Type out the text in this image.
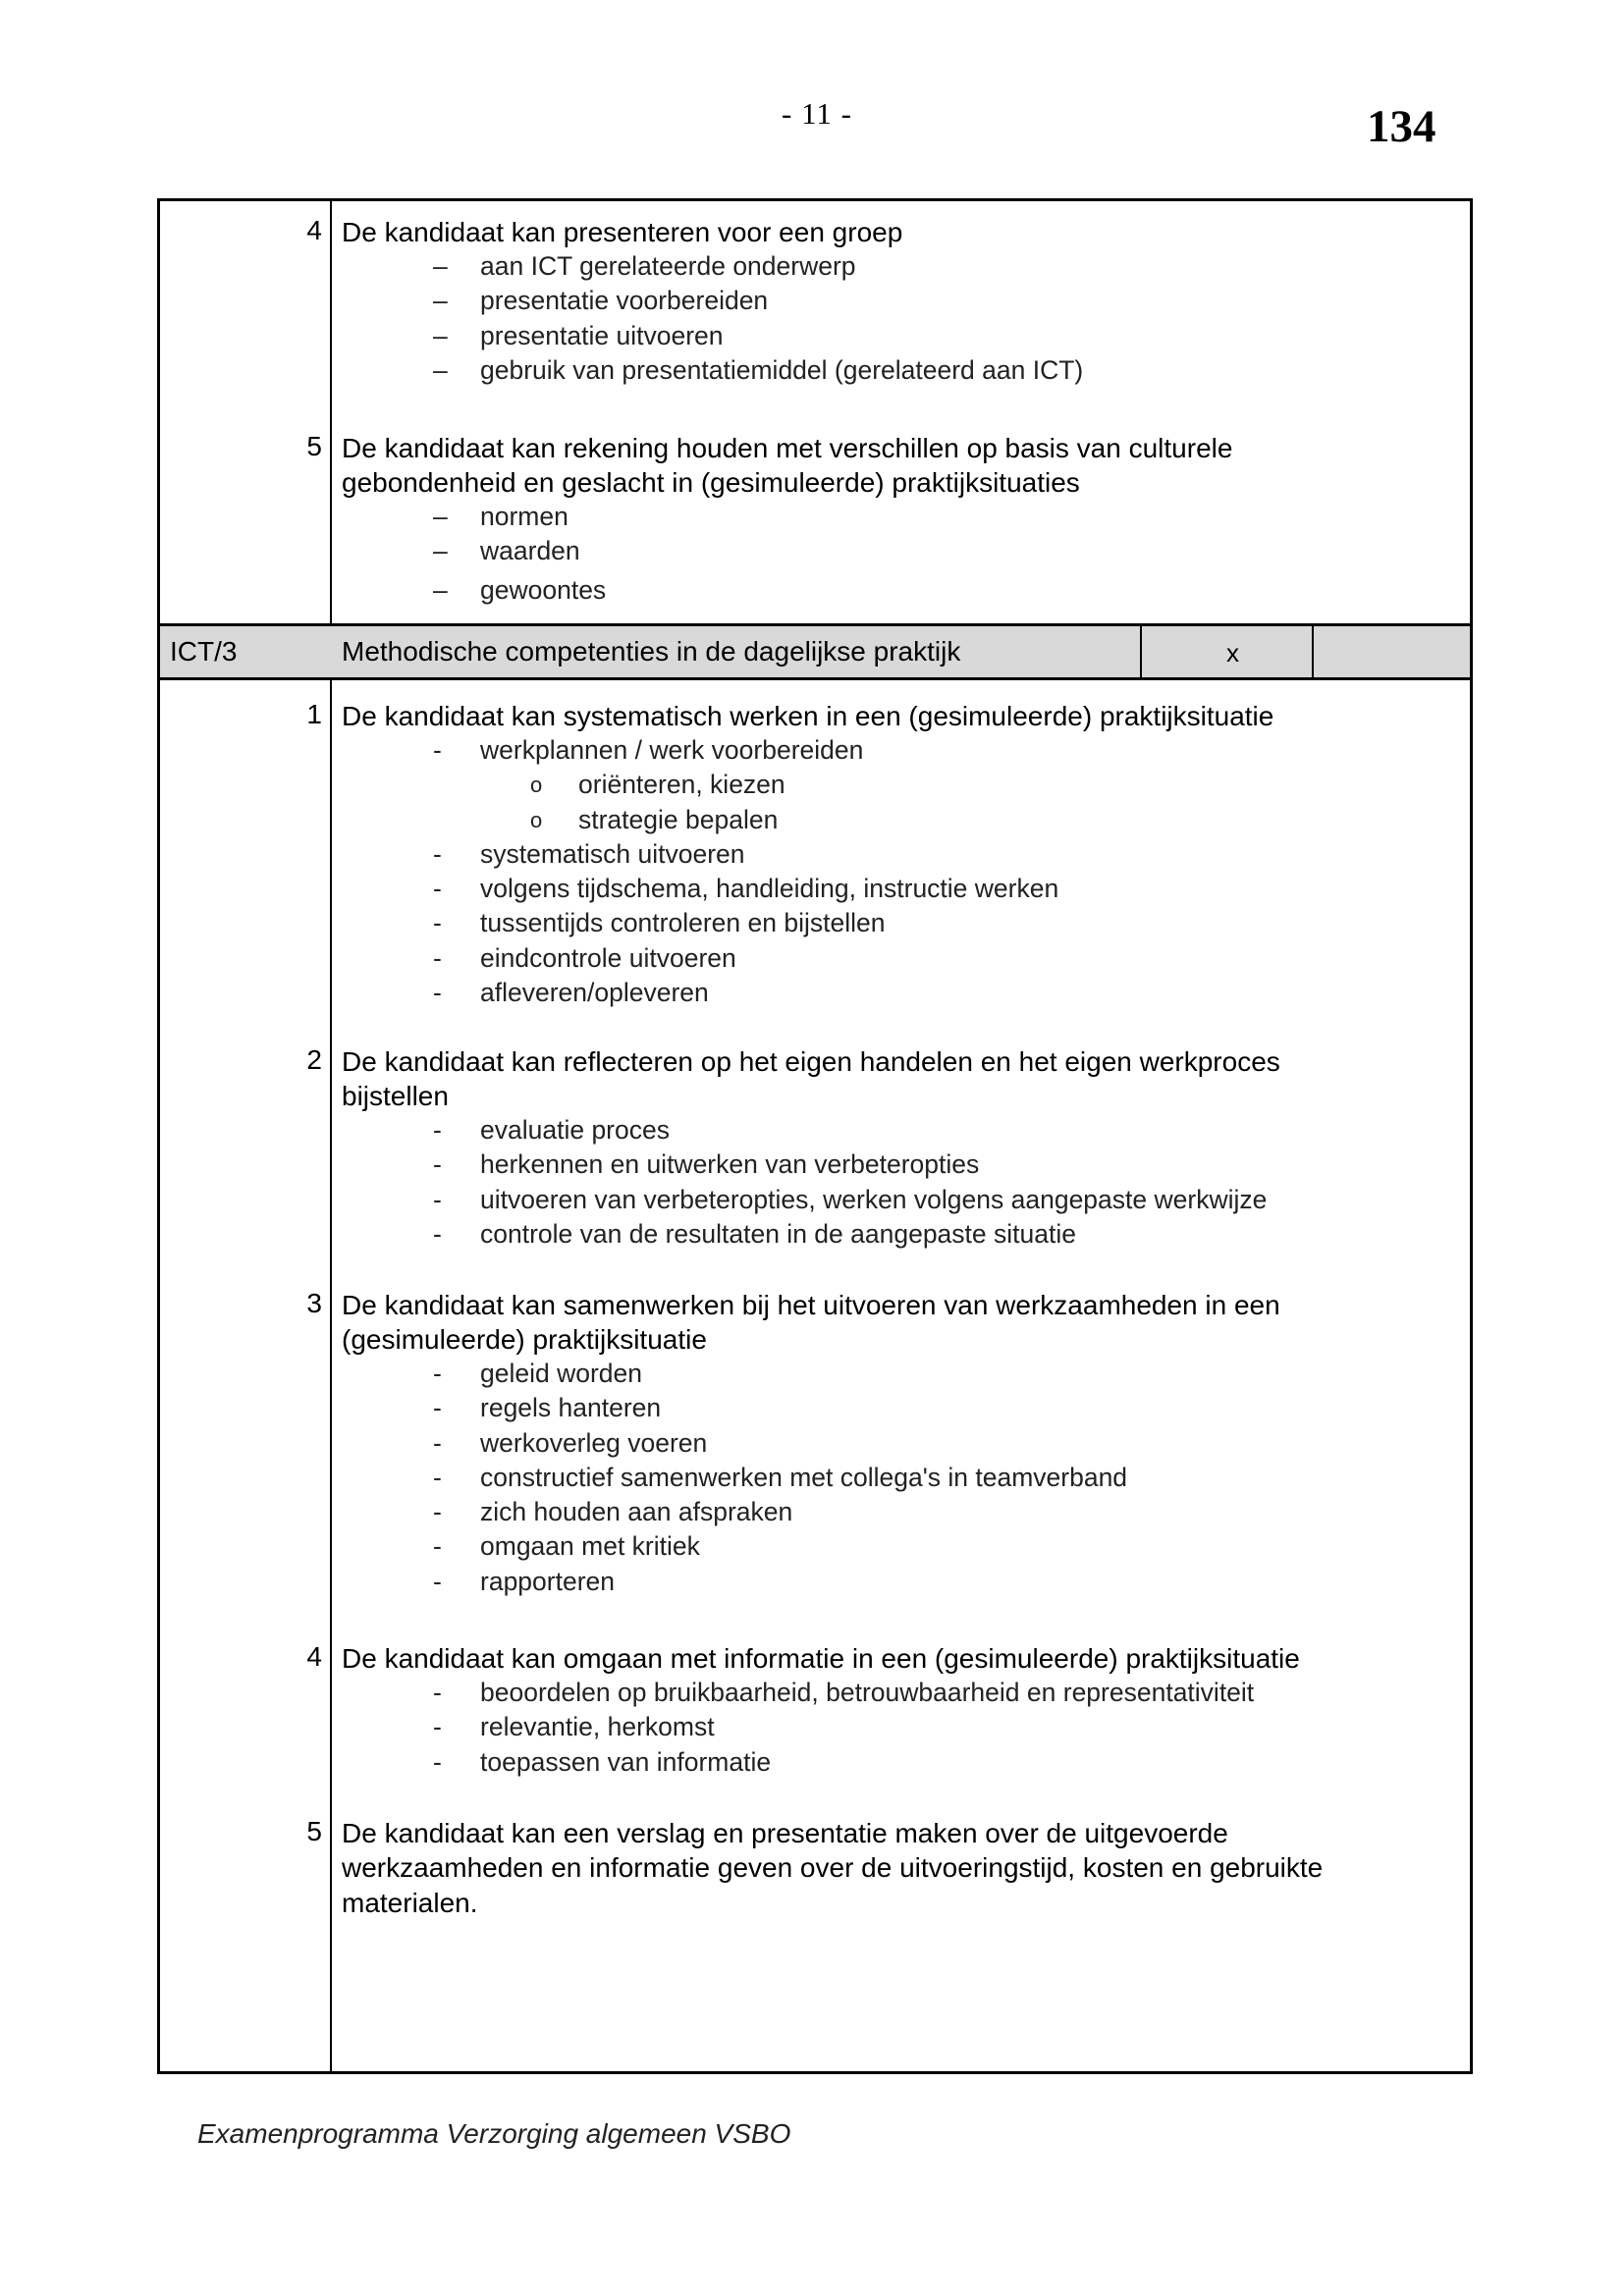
- 11 -	134
4 De kandidaat kan presenteren voor een groep
– aan ICT gerelateerde onderwerp
– presentatie voorbereiden
– presentatie uitvoeren
– gebruik van presentatiemiddel (gerelateerd aan ICT)
5 De kandidaat kan rekening houden met verschillen op basis van culturele
gebondenheid en geslacht in (gesimuleerde) praktijksituaties
– normen
– waarden
– gewoontes
ICT/3	Methodische competenties in de dagelijkse praktijk	x
1 De kandidaat kan systematisch werken in een (gesimuleerde) praktijksituatie
- werkplannen / werk voorbereiden
o oriënteren, kiezen
o strategie bepalen
- systematisch uitvoeren
- volgens tijdschema, handleiding, instructie werken
- tussentijds controleren en bijstellen
- eindcontrole uitvoeren
- afleveren/opleveren
2 De kandidaat kan reflecteren op het eigen handelen en het eigen werkproces
bijstellen
- evaluatie proces
- herkennen en uitwerken van verbeteropties
- uitvoeren van verbeteropties, werken volgens aangepaste werkwijze
- controle van de resultaten in de aangepaste situatie
3 De kandidaat kan samenwerken bij het uitvoeren van werkzaamheden in een
(gesimuleerde) praktijksituatie
- geleid worden
- regels hanteren
- werkoverleg voeren
- constructief samenwerken met collega's in teamverband
- zich houden aan afspraken
- omgaan met kritiek
- rapporteren
4 De kandidaat kan omgaan met informatie in een (gesimuleerde) praktijksituatie
- beoordelen op bruikbaarheid, betrouwbaarheid en representativiteit
- relevantie, herkomst
- toepassen van informatie
5 De kandidaat kan een verslag en presentatie maken over de uitgevoerde
werkzaamheden en informatie geven over de uitvoeringstijd, kosten en gebruikte
materialen.
Examenprogramma Verzorging algemeen VSBO
